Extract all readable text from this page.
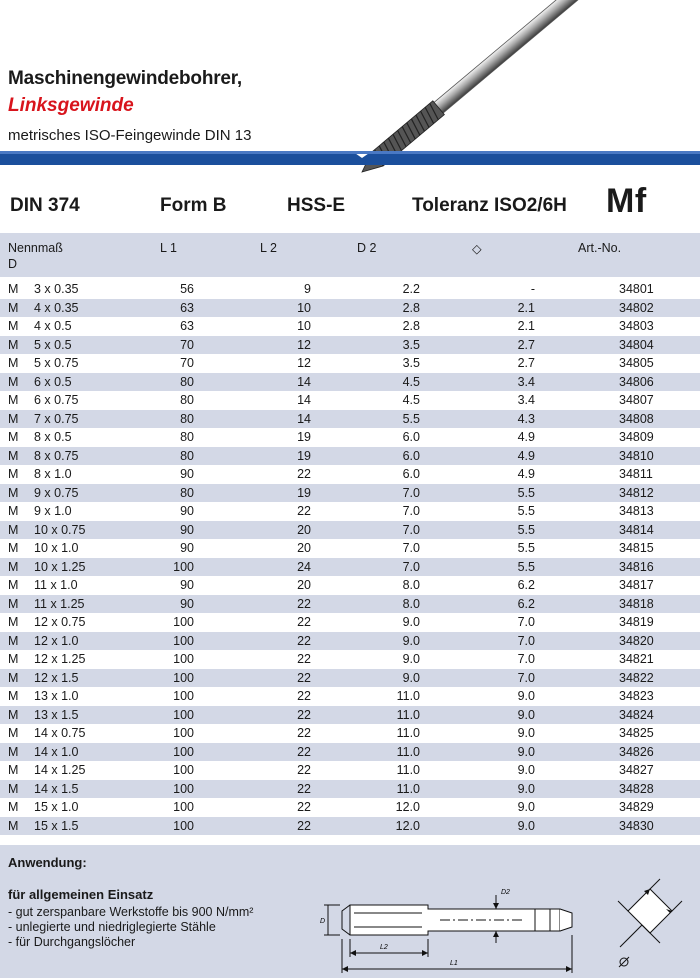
Maschinengewindebohrer,
Linksgewinde
metrisches ISO-Feingewinde DIN 13
DIN 374	Form B	HSS-E	Toleranz ISO2/6H Mf
Nennmaß
D
L 1	L 2	D 2	◇	Art.-No.
M	3 x 0.35	56	9	2.2	-	34801
M	4 x 0.35	63	10	2.8	2.1	34802
M	4 x 0.5	63	10	2.8	2.1	34803
M	5 x 0.5	70	12	3.5	2.7	34804
M	5 x 0.75	70	12	3.5	2.7	34805
M	6 x 0.5	80	14	4.5	3.4	34806
M	6 x 0.75	80	14	4.5	3.4	34807
M	7 x 0.75	80	14	5.5	4.3	34808
M	8 x 0.5	80	19	6.0	4.9	34809
M	8 x 0.75	80	19	6.0	4.9	34810
M	8 x 1.0	90	22	6.0	4.9	34811
M	9 x 0.75	80	19	7.0	5.5	34812
M	9 x 1.0	90	22	7.0	5.5	34813
M	10 x 0.75	90	20	7.0	5.5	34814
M	10 x 1.0	90	20	7.0	5.5	34815
M	10 x 1.25	100	24	7.0	5.5	34816
M	11 x 1.0	90	20	8.0	6.2	34817
M	11 x 1.25	90	22	8.0	6.2	34818
M	12 x 0.75	100	22	9.0	7.0	34819
M	12 x 1.0	100	22	9.0	7.0	34820
M	12 x 1.25	100	22	9.0	7.0	34821
M	12 x 1.5	100	22	9.0	7.0	34822
M	13 x 1.0	100	22	11.0	9.0	34823
M	13 x 1.5	100	22	11.0	9.0	34824
M	14 x 0.75	100	22	11.0	9.0	34825
M	14 x 1.0	100	22	11.0	9.0	34826
M	14 x 1.25	100	22	11.0	9.0	34827
M	14 x 1.5	100	22	11.0	9.0	34828
M	15 x 1.0	100	22	12.0	9.0	34829
M	15 x 1.5	100	22	12.0	9.0	34830
Anwendung:
für allgemeinen Einsatz
- gut zerspanbare Werkstoffe bis 900 N/mm²
- unlegierte und niedriglegierte Stähle
- für Durchgangslöcher
D2
D
L2
L1
